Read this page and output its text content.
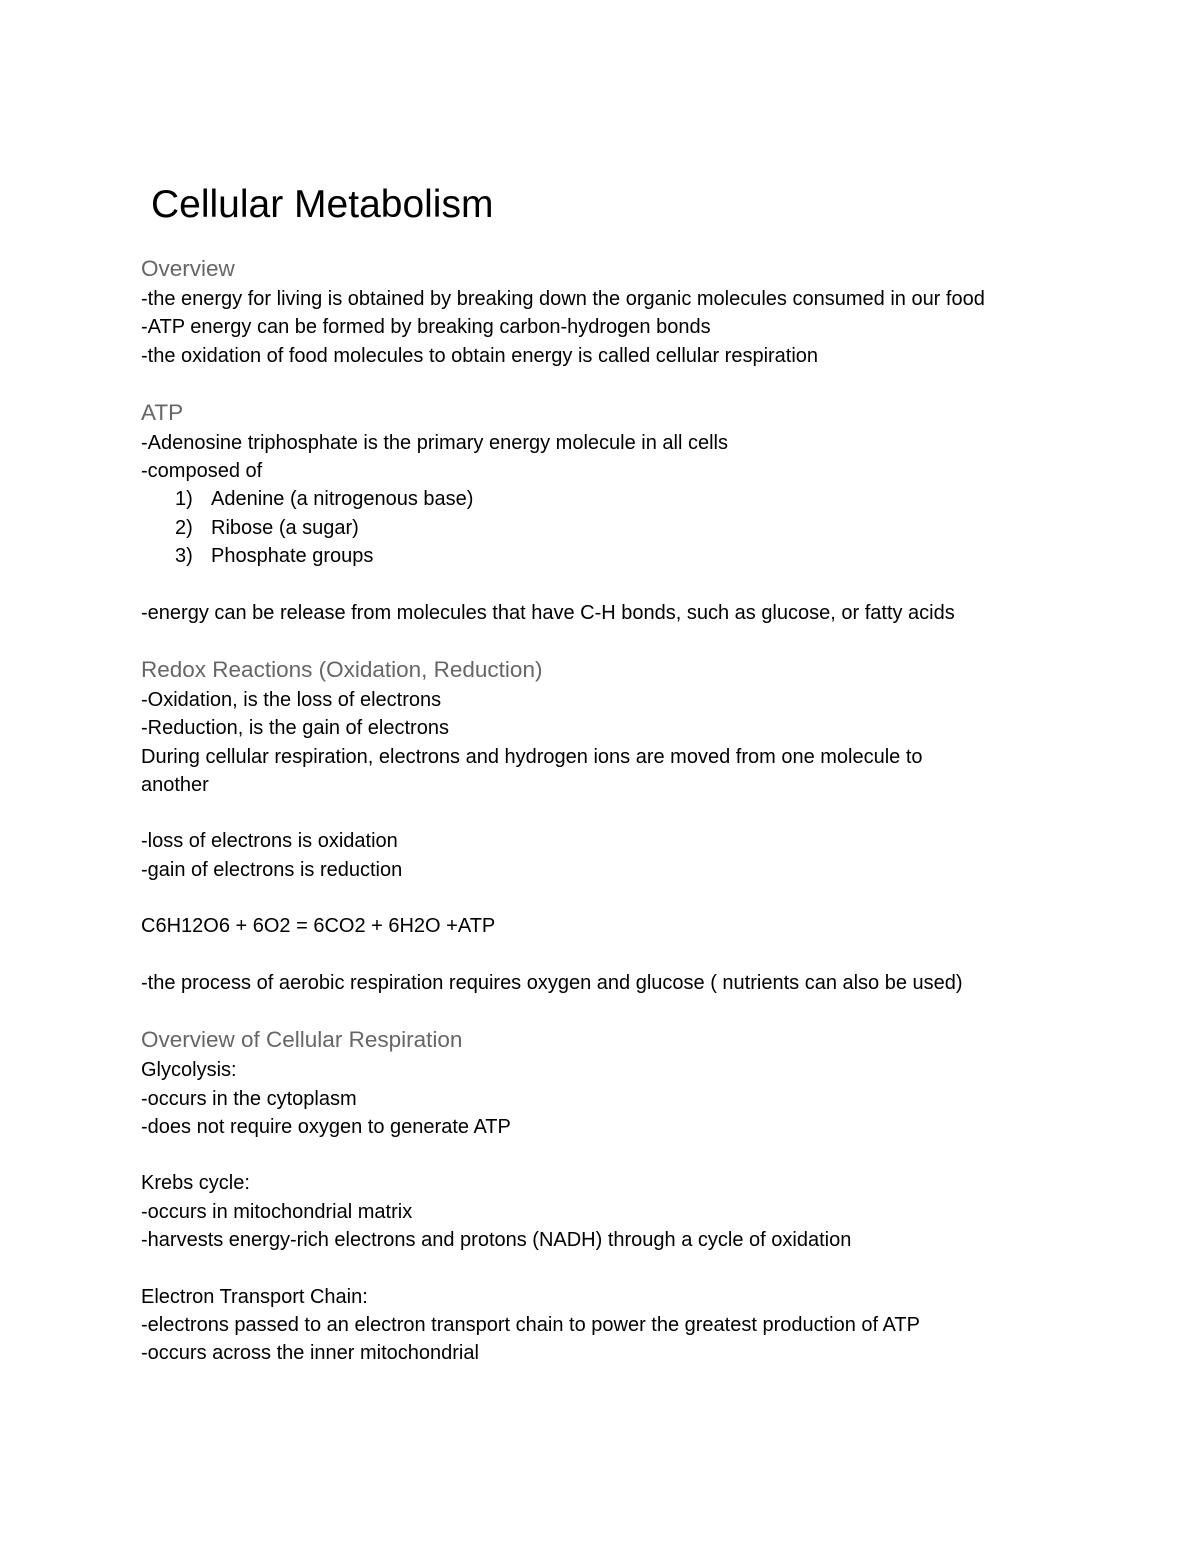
Cellular Metabolism
Overview
-the energy for living is obtained by breaking down the organic molecules consumed in our food
-ATP energy can be formed by breaking carbon-hydrogen bonds
-the oxidation of food molecules to obtain energy is called cellular respiration
ATP
-Adenosine triphosphate is the primary energy molecule in all cells
-composed of
1) Adenine (a nitrogenous base)
2) Ribose (a sugar)
3) Phosphate groups
-energy can be release from molecules that have C-H bonds, such as glucose, or fatty acids
Redox Reactions (Oxidation, Reduction)
-Oxidation, is the loss of electrons
-Reduction, is the gain of electrons
During cellular respiration, electrons and hydrogen ions are moved from one molecule to
another
-loss of electrons is oxidation
-gain of electrons is reduction
C6H12O6 + 6O2 = 6CO2 + 6H2O +ATP
-the process of aerobic respiration requires oxygen and glucose ( nutrients can also be used)
Overview of Cellular Respiration
Glycolysis:
-occurs in the cytoplasm
-does not require oxygen to generate ATP
Krebs cycle:
-occurs in mitochondrial matrix
-harvests energy-rich electrons and protons (NADH) through a cycle of oxidation
Electron Transport Chain:
-electrons passed to an electron transport chain to power the greatest production of ATP
-occurs across the inner mitochondrial
